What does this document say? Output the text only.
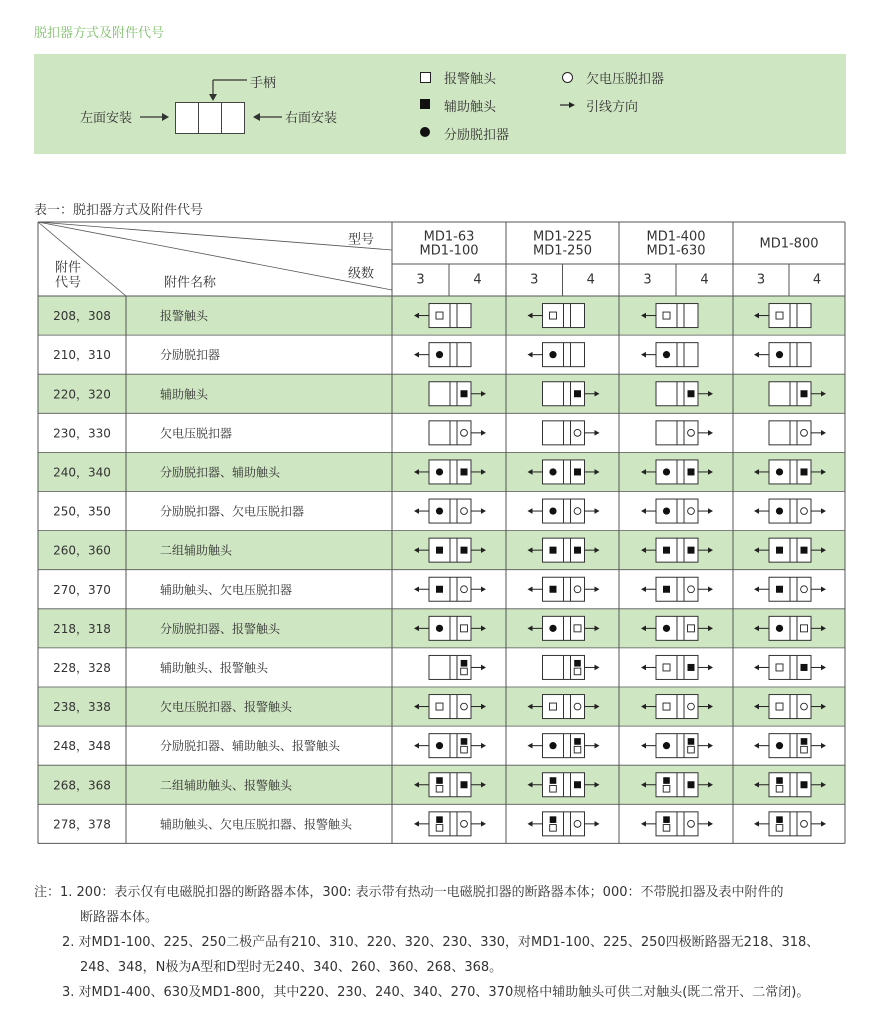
脱扣器方式及附件代号
手柄
左面安装	右面安装
报警触头
辅助触头
分励脱扣器
欠电压脱扣器
引线方向
表一：脱扣器方式及附件代号
型号
级数
附件
代号	附件名称
MD1-63
MD1-100
3	4
MD1-225
MD1-250
3	4
MD1-400
MD1-630
3	4
MD1-800
3	4
208，308	报警触头
210，310	分励脱扣器
220，320	辅助触头
230，330	欠电压脱扣器
240，340	分励脱扣器、辅助触头
250，350	分励脱扣器、欠电压脱扣器
260，360	二组辅助触头
270，370	辅助触头、欠电压脱扣器
218，318	分励脱扣器、报警触头
228，328	辅助触头、报警触头
238，338	欠电压脱扣器、报警触头
248，348	分励脱扣器、辅助触头、报警触头
268，368	二组辅助触头、报警触头
278，378	辅助触头、欠电压脱扣器、报警触头
注：1. 200：表示仅有电磁脱扣器的断路器本体，300: 表示带有热动一电磁脱扣器的断路器本体；000：不带脱扣器及表中附件的
断路器本体。
2. 对MD1-100、225、250二极产品有210、310、220、320、230、330，对MD1-100、225、250四极断路器无218、318、
248、348，N极为A型和D型时无240、340、260、360、268、368。
3. 对MD1-400、630及MD1-800，其中220、230、240、340、270、370规格中辅助触头可供二对触头(既二常开、二常闭)。
